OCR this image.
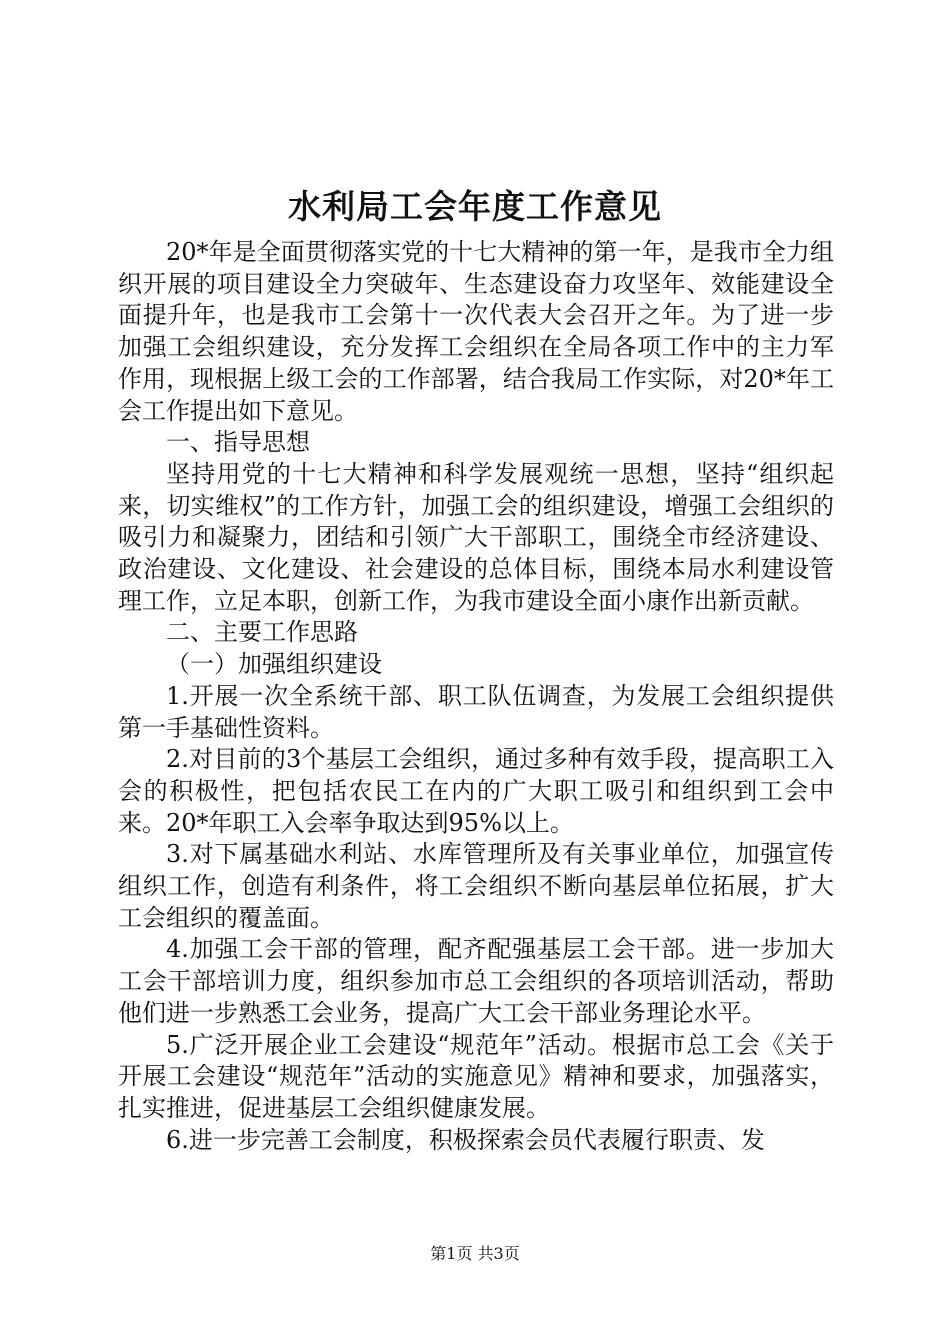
水利局工会年度工作意见

20*年是全面贯彻落实党的十七大精神的第一年，是我市全力组织开展的项目建设全力突破年、生态建设奋力攻坚年、效能建设全面提升年，也是我市工会第十一次代表大会召开之年。为了进一步加强工会组织建设，充分发挥工会组织在全局各项工作中的主力军作用，现根据上级工会的工作部署，结合我局工作实际，对20*年工会工作提出如下意见。

一、指导思想

坚持用党的十七大精神和科学发展观统一思想，坚持“组织起来，切实维权”的工作方针，加强工会的组织建设，增强工会组织的吸引力和凝聚力，团结和引领广大干部职工，围绕全市经济建设、政治建设、文化建设、社会建设的总体目标，围绕本局水利建设管理工作，立足本职，创新工作，为我市建设全面小康作出新贡献。

二、主要工作思路

（一）加强组织建设

1.开展一次全系统干部、职工队伍调查，为发展工会组织提供第一手基础性资料。

2.对目前的3个基层工会组织，通过多种有效手段，提高职工入会的积极性，把包括农民工在内的广大职工吸引和组织到工会中来。20*年职工入会率争取达到95%以上。

3.对下属基础水利站、水库管理所及有关事业单位，加强宣传组织工作，创造有利条件，将工会组织不断向基层单位拓展，扩大工会组织的覆盖面。

4.加强工会干部的管理，配齐配强基层工会干部。进一步加大工会干部培训力度，组织参加市总工会组织的各项培训活动，帮助他们进一步熟悉工会业务，提高广大工会干部业务理论水平。

5.广泛开展企业工会建设“规范年”活动。根据市总工会《关于开展工会建设“规范年”活动的实施意见》精神和要求，加强落实，扎实推进，促进基层工会组织健康发展。

6.进一步完善工会制度，积极探索会员代表履行职责、发

第1页 共3页
